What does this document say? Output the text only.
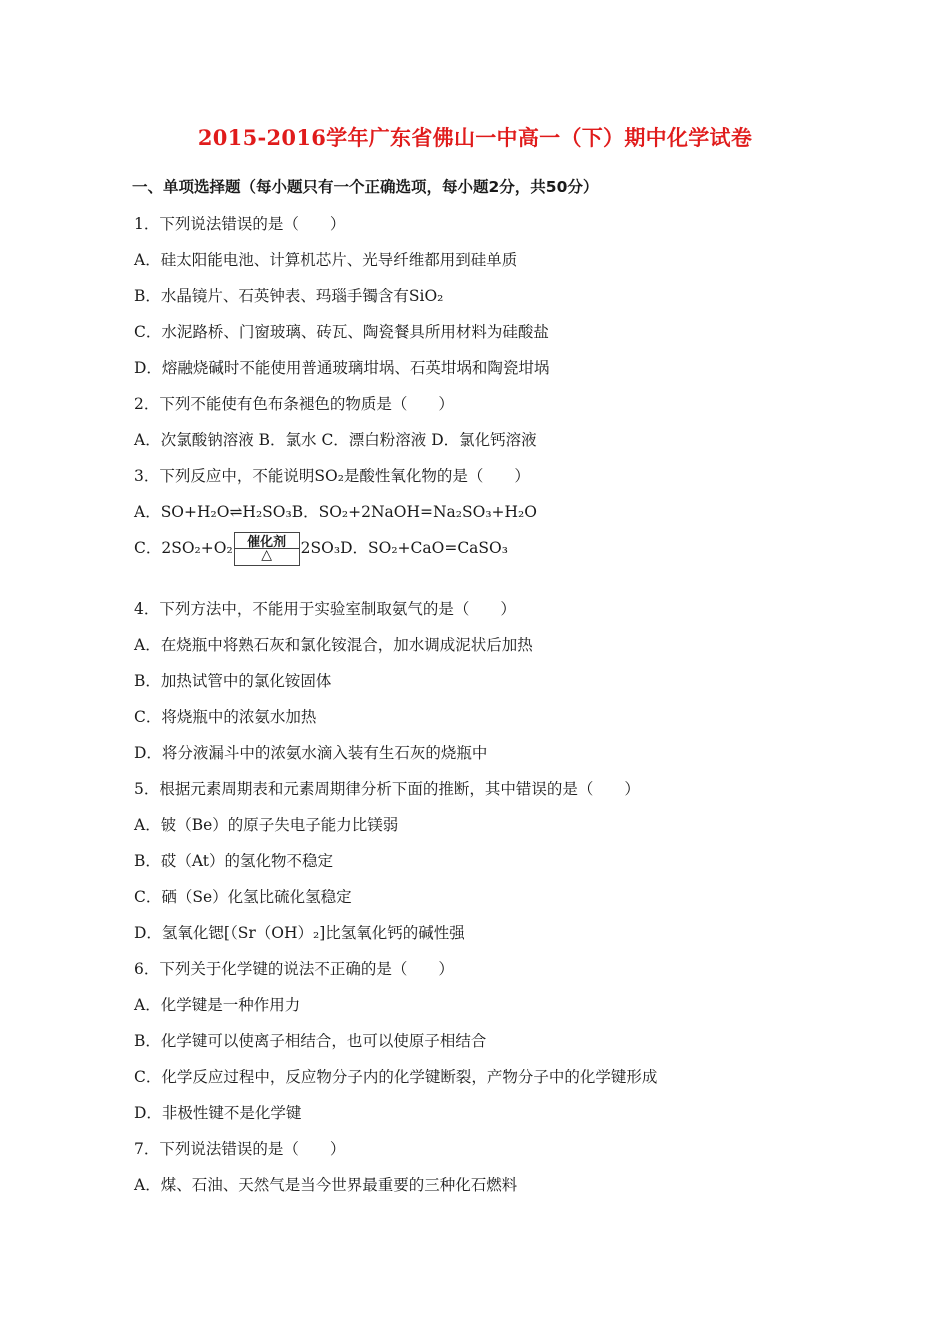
2015-2016学年广东省佛山一中高一（下）期中化学试卷
一、单项选择题（每小题只有一个正确选项，每小题2分，共50分）
1．下列说法错误的是（　　）
A．硅太阳能电池、计算机芯片、光导纤维都用到硅单质
B．水晶镜片、石英钟表、玛瑙手镯含有SiO₂
C．水泥路桥、门窗玻璃、砖瓦、陶瓷餐具所用材料为硅酸盐
D．熔融烧碱时不能使用普通玻璃坩埚、石英坩埚和陶瓷坩埚
2．下列不能使有色布条褪色的物质是（　　）
A．次氯酸钠溶液 B．氯水 C．漂白粉溶液 D．氯化钙溶液
3．下列反应中，不能说明SO₂是酸性氧化物的是（　　）
A．SO+H₂O⇌H₂SO₃B．SO₂+2NaOH=Na₂SO₃+H₂O
C．2SO₂+O₂	催化剂
△	2SO₃D．SO₂+CaO=CaSO₃
4．下列方法中，不能用于实验室制取氨气的是（　　）
A．在烧瓶中将熟石灰和氯化铵混合，加水调成泥状后加热
B．加热试管中的氯化铵固体
C．将烧瓶中的浓氨水加热
D．将分液漏斗中的浓氨水滴入装有生石灰的烧瓶中
5．根据元素周期表和元素周期律分析下面的推断，其中错误的是（　　）
A．铍（Be）的原子失电子能力比镁弱
B．砹（At）的氢化物不稳定
C．硒（Se）化氢比硫化氢稳定
D．氢氧化锶[（Sr（OH）₂]比氢氧化钙的碱性强
6．下列关于化学键的说法不正确的是（　　）
A．化学键是一种作用力
B．化学键可以使离子相结合，也可以使原子相结合
C．化学反应过程中，反应物分子内的化学键断裂，产物分子中的化学键形成
D．非极性键不是化学键
7．下列说法错误的是（　　）
A．煤、石油、天然气是当今世界最重要的三种化石燃料
